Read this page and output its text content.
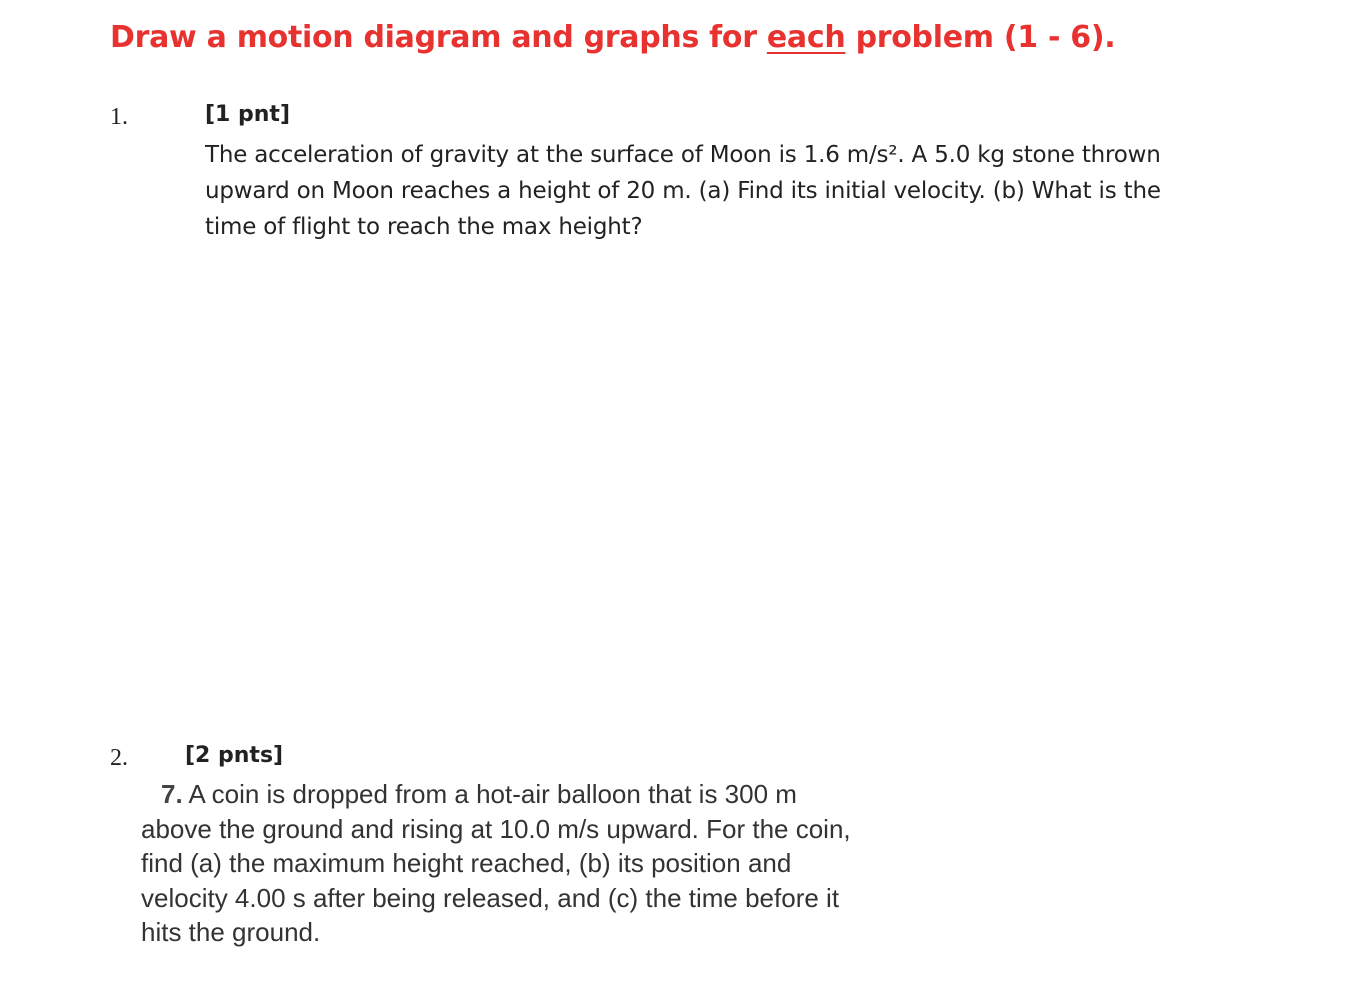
Draw a motion diagram and graphs for each problem (1 - 6).
1.	[1 pnt]
The acceleration of gravity at the surface of Moon is 1.6 m/s². A 5.0 kg stone thrown
upward on Moon reaches a height of 20 m. (a) Find its initial velocity. (b) What is the
time of flight to reach the max height?
2.	[2 pnts]
7. A coin is dropped from a hot-air balloon that is 300 m
above the ground and rising at 10.0 m/s upward. For the coin,
find (a) the maximum height reached, (b) its position and
velocity 4.00 s after being released, and (c) the time before it
hits the ground.
